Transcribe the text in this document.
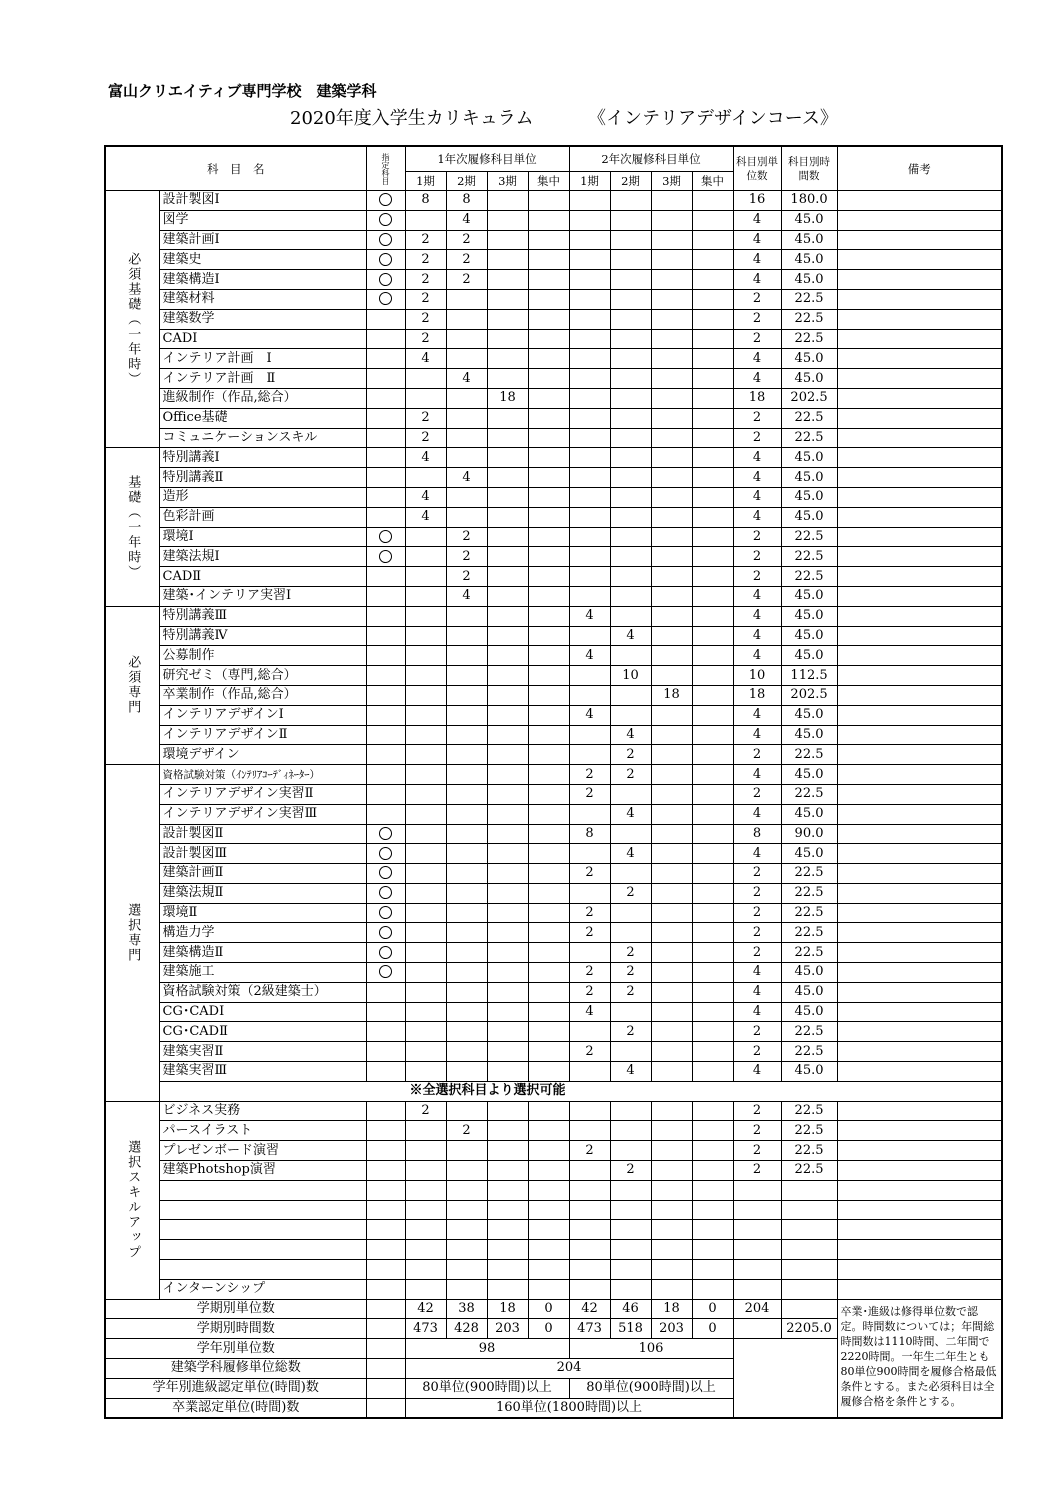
富山クリエイティブ専門学校　建築学科
2020年度入学生カリキュラム	《インテリアデザインコース》
科　目　名		指定科目	1年次履修科目単位				2年次履修科目単位				科目別単位数	科目別時間数	備考
			1期	2期	3期	集中	1期	2期	3期	集中			
必須基礎（一年時）	設計製図Ⅰ		8	8							16	180.0	
	図学			4							4	45.0	
	建築計画Ⅰ		2	2							4	45.0	
	建築史		2	2							4	45.0	
	建築構造Ⅰ		2	2							4	45.0	
	建築材料		2								2	22.5	
	建築数学		2								2	22.5	
	CADⅠ		2								2	22.5	
	インテリア計画　Ⅰ		4								4	45.0	
	インテリア計画　Ⅱ			4							4	45.0	
	進級制作（作品,総合）				18						18	202.5	
	Office基礎		2								2	22.5	
	コミュニケーションスキル		2								2	22.5	
基礎（一年時）	特別講義Ⅰ		4								4	45.0	
	特別講義Ⅱ			4							4	45.0	
	造形		4								4	45.0	
	色彩計画		4								4	45.0	
	環境Ⅰ			2							2	22.5	
	建築法規Ⅰ			2							2	22.5	
	CADⅡ			2							2	22.5	
	建築･インテリア実習Ⅰ			4							4	45.0	
必須専門	特別講義Ⅲ						4				4	45.0	
	特別講義Ⅳ							4			4	45.0	
	公募制作						4				4	45.0	
	研究ゼミ（専門,総合）							10			10	112.5	
	卒業制作（作品,総合）								18		18	202.5	
	インテリアデザインⅠ						4				4	45.0	
	インテリアデザインⅡ							4			4	45.0	
	環境デザイン							2			2	22.5	
選択専門	資格試験対策（ｲﾝﾃﾘｱｺｰﾃﾞｨﾈｰﾀｰ）						2	2			4	45.0	
	インテリアデザイン実習Ⅱ						2				2	22.5	
	インテリアデザイン実習Ⅲ							4			4	45.0	
	設計製図Ⅱ						8				8	90.0	
	設計製図Ⅲ							4			4	45.0	
	建築計画Ⅱ						2				2	22.5	
	建築法規Ⅱ							2			2	22.5	
	環境Ⅱ						2				2	22.5	
	構造力学						2				2	22.5	
	建築構造Ⅱ							2			2	22.5	
	建築施工						2	2			4	45.0	
	資格試験対策（2級建築士）						2	2			4	45.0	
	CG･CADⅠ						4				4	45.0	
	CG･CADⅡ							2			2	22.5	
	建築実習Ⅱ						2				2	22.5	
	建築実習Ⅲ							4			4	45.0	
	※全選択科目より選択可能												
選択スキルアップ	ビジネス実務		2								2	22.5	
	パースイラスト			2							2	22.5	
	プレゼンボード演習						2				2	22.5	
	建築Photshop演習							2			2	22.5	

	インターンシップ												
学期別単位数			42	38	18	0	42	46	18	0	204		卒業･進級は修得単位数で認定。時間数については；年間総時間数は1110時間、二年間で2220時間。一年生二年生とも80単位900時間を履修合格最低条件とする。また必須科目は全履修合格を条件とする。
学期別時間数			473	428	203	0	473	518	203	0		2205.0	
学年別単位数			98				106						
建築学科履修単位総数			204										
学年別進級認定単位(時間)数			80単位(900時間)以上				80単位(900時間)以上						
卒業認定単位(時間)数			160単位(1800時間)以上										
